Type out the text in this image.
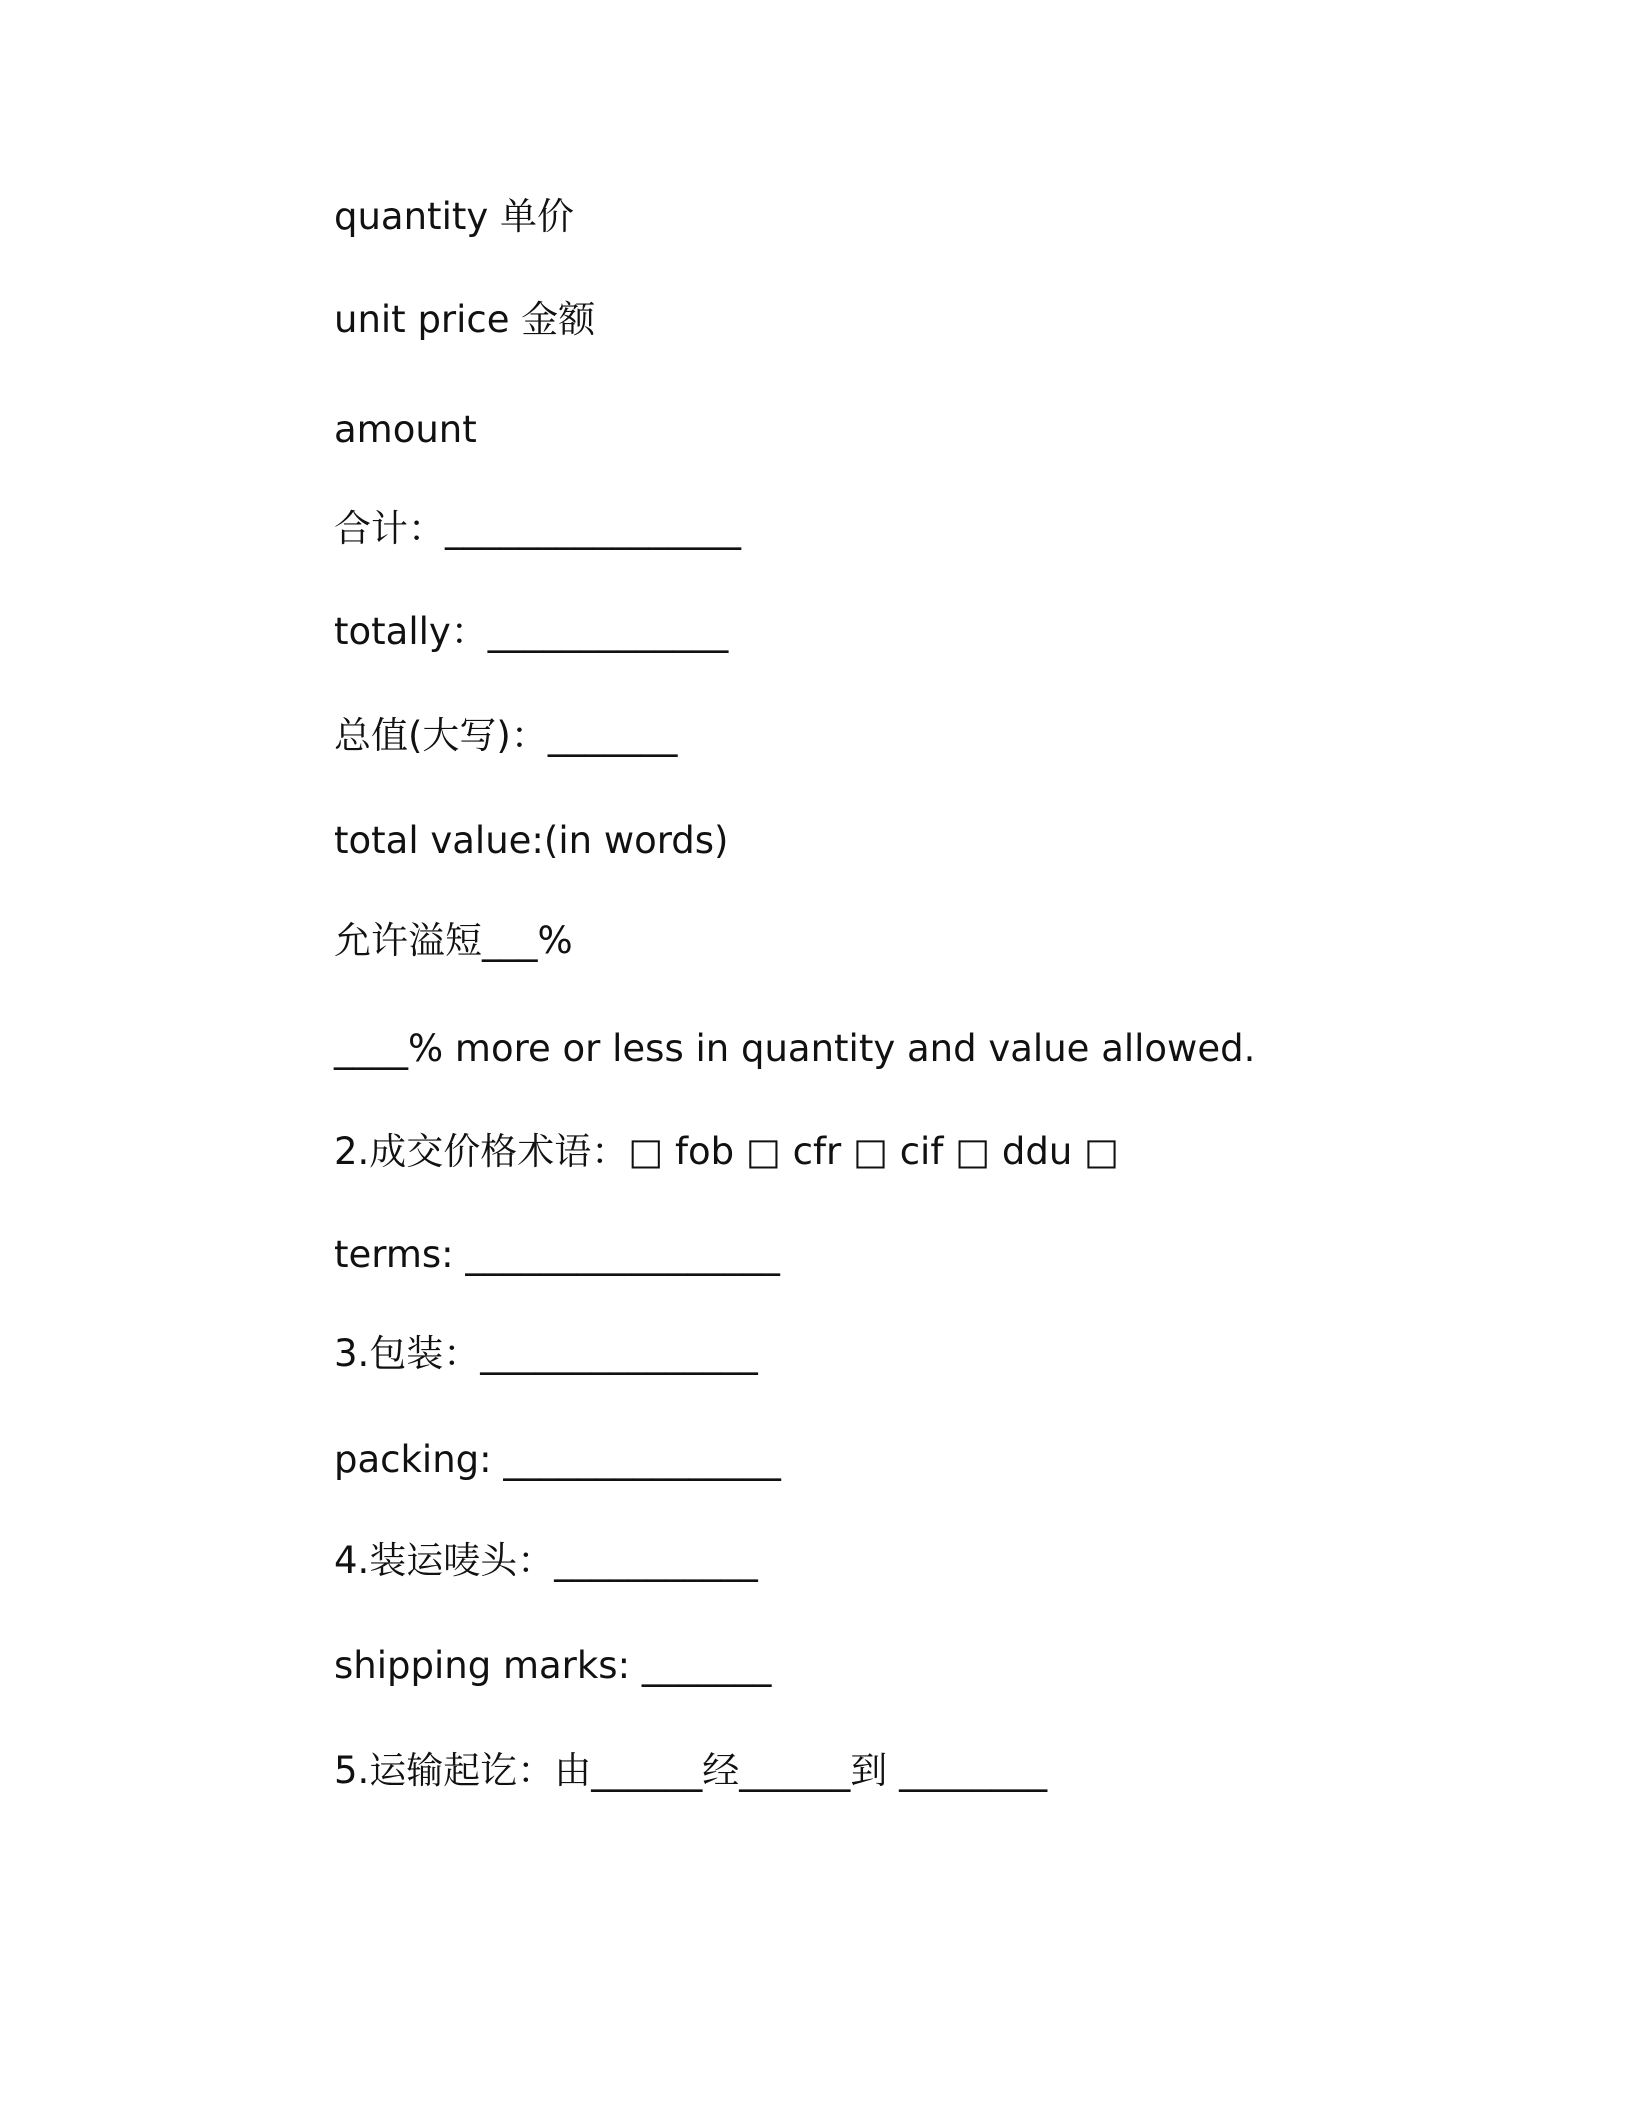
quantity 单价

unit price 金额

amount

合计：________________

totally：_____________

总值(大写)：_______

total value:(in words)

允许溢短___%

____% more or less in quantity and value allowed.

2.成交价格术语：□ fob □ cfr □ cif □ ddu □

terms: _________________

3.包装：_______________

packing: _______________

4.装运唛头：___________

shipping marks: _______

5.运输起讫：由______经______到 ________
